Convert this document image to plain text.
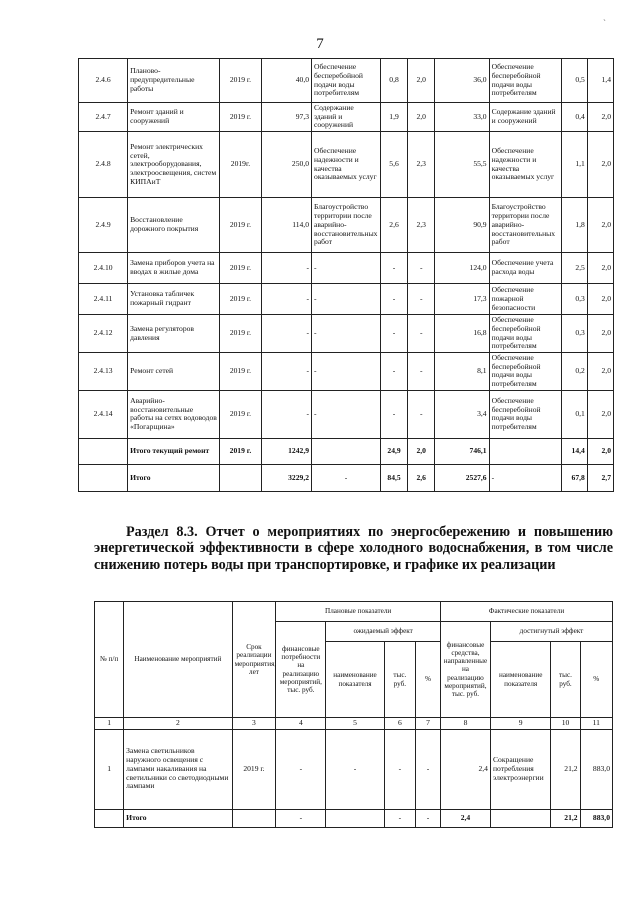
`
7
2.4.6	Планово-предупредительные работы	2019 г.	40,0	Обеспечение бесперебойной подачи воды потребителям	0,8	2,0	36,0	Обеспечение бесперебойной подачи воды потребителям	0,5	1,4
2.4.7	Ремонт зданий и сооружений	2019 г.	97,3	Содержание зданий и сооружений	1,9	2,0	33,0	Содержание зданий и сооружений	0,4	2,0
2.4.8	Ремонт электрических сетей, электрооборудования, электроосвещения, систем КИПАиТ	2019г.	250,0	Обеспечение надежности и качества оказываемых услуг	5,6	2,3	55,5	Обеспечение надежности и качества оказываемых услуг	1,1	2,0
2.4.9	Восстановление дорожного покрытия	2019 г.	114,0	Благоустройство территории после аварийно-восстановительных работ	2,6	2,3	90,9	Благоустройство территории после аварийно-восстановительных работ	1,8	2,0
2.4.10	Замена приборов учета на вводах в жилые дома	2019 г.	-	-	-	-	124,0	Обеспечение учета расхода воды	2,5	2,0
2.4.11	Установка табличек пожарный гидрант	2019 г.	-	-	-	-	17,3	Обеспечение пожарной безопасности	0,3	2,0
2.4.12	Замена регуляторов давления	2019 г.	-	-	-	-	16,8	Обеспечение бесперебойной подачи воды потребителям	0,3	2,0
2.4.13	Ремонт сетей	2019 г.	-	-	-	-	8,1	Обеспечение бесперебойной подачи воды потребителям	0,2	2,0
2.4.14	Аварийно-восстановительные работы на сетях водоводов «Погарщина»	2019 г.	-	-	-	-	3,4	Обеспечение бесперебойной подачи воды потребителям	0,1	2,0
	Итого текущий ремонт	2019 г.	1242,9		24,9	2,0	746,1		14,4	2,0
	Итого		3229,2	-	84,5	2,6	2527,6	-	67,8	2,7
Раздел 8.3. Отчет о мероприятиях по энергосбережению и повышению энергетической эффективности в сфере холодного водоснабжения, в том числе снижению потерь воды при транспортировке, и графике их реализации
№ п/п	Наименование мероприятий	Срок реализации мероприятия, лет	Плановые показатели				Фактические показатели			
			финансовые потребности на реализацию мероприятий, тыс. руб.	ожидаемый эффект			финансовые средства, направленные на реализацию мероприятий, тыс. руб.	достигнутый эффект		
				наименование показателя	тыс. руб.	%		наименование показателя	тыс. руб.	%
1	2	3	4	5	6	7	8	9	10	11
1	Замена светильников наружного освещения с лампами накаливания на светильники со светодиодными лампами	2019 г.	-	-	-	-	2,4	Сокращение потребления электроэнергии	21,2	883,0
	Итого		-		-	-	2,4		21,2	883,0
